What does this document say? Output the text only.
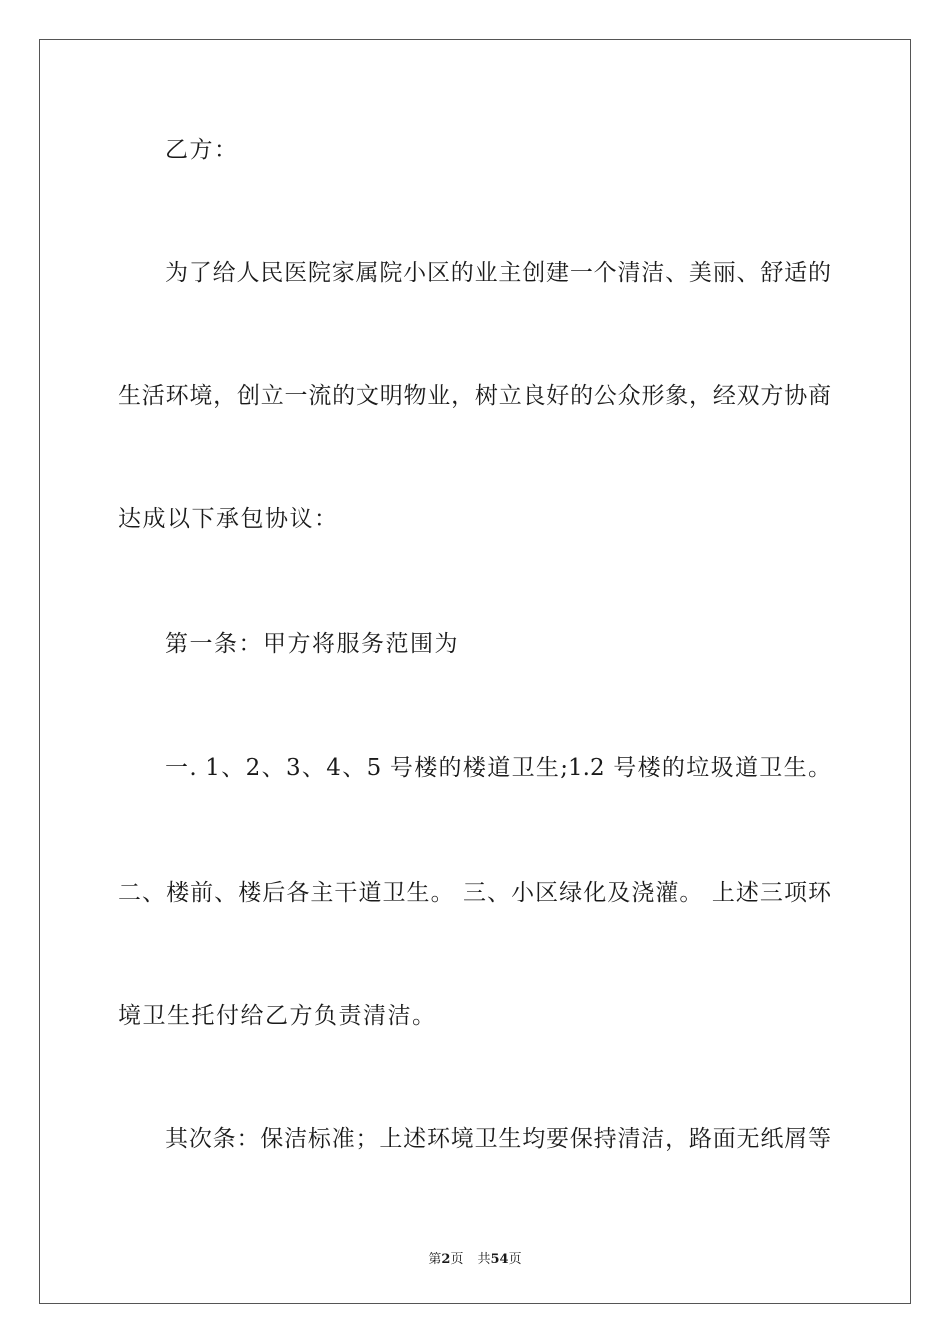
乙方：
为了给人民医院家属院小区的业主创建一个清洁、美丽、舒适的
生活环境，创立一流的文明物业，树立良好的公众形象，经双方协商
达成以下承包协议：
第一条：甲方将服务范围为
一. 1、2、3、4、5 号楼的楼道卫生;1.2 号楼的垃圾道卫生。
二、楼前、楼后各主干道卫生。 三、小区绿化及浇灌。 上述三项环
境卫生托付给乙方负责清洁。
其次条：保洁标准；上述环境卫生均要保持清洁，路面无纸屑等
第2页 共54页
